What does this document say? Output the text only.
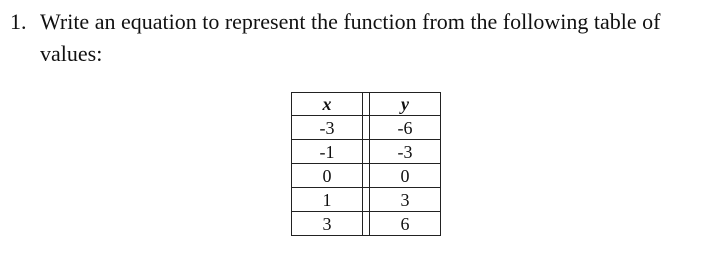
1. Write an equation to represent the function from the following table of
values:
x		y
-3		-6
-1		-3
0		0
1		3
3		6
